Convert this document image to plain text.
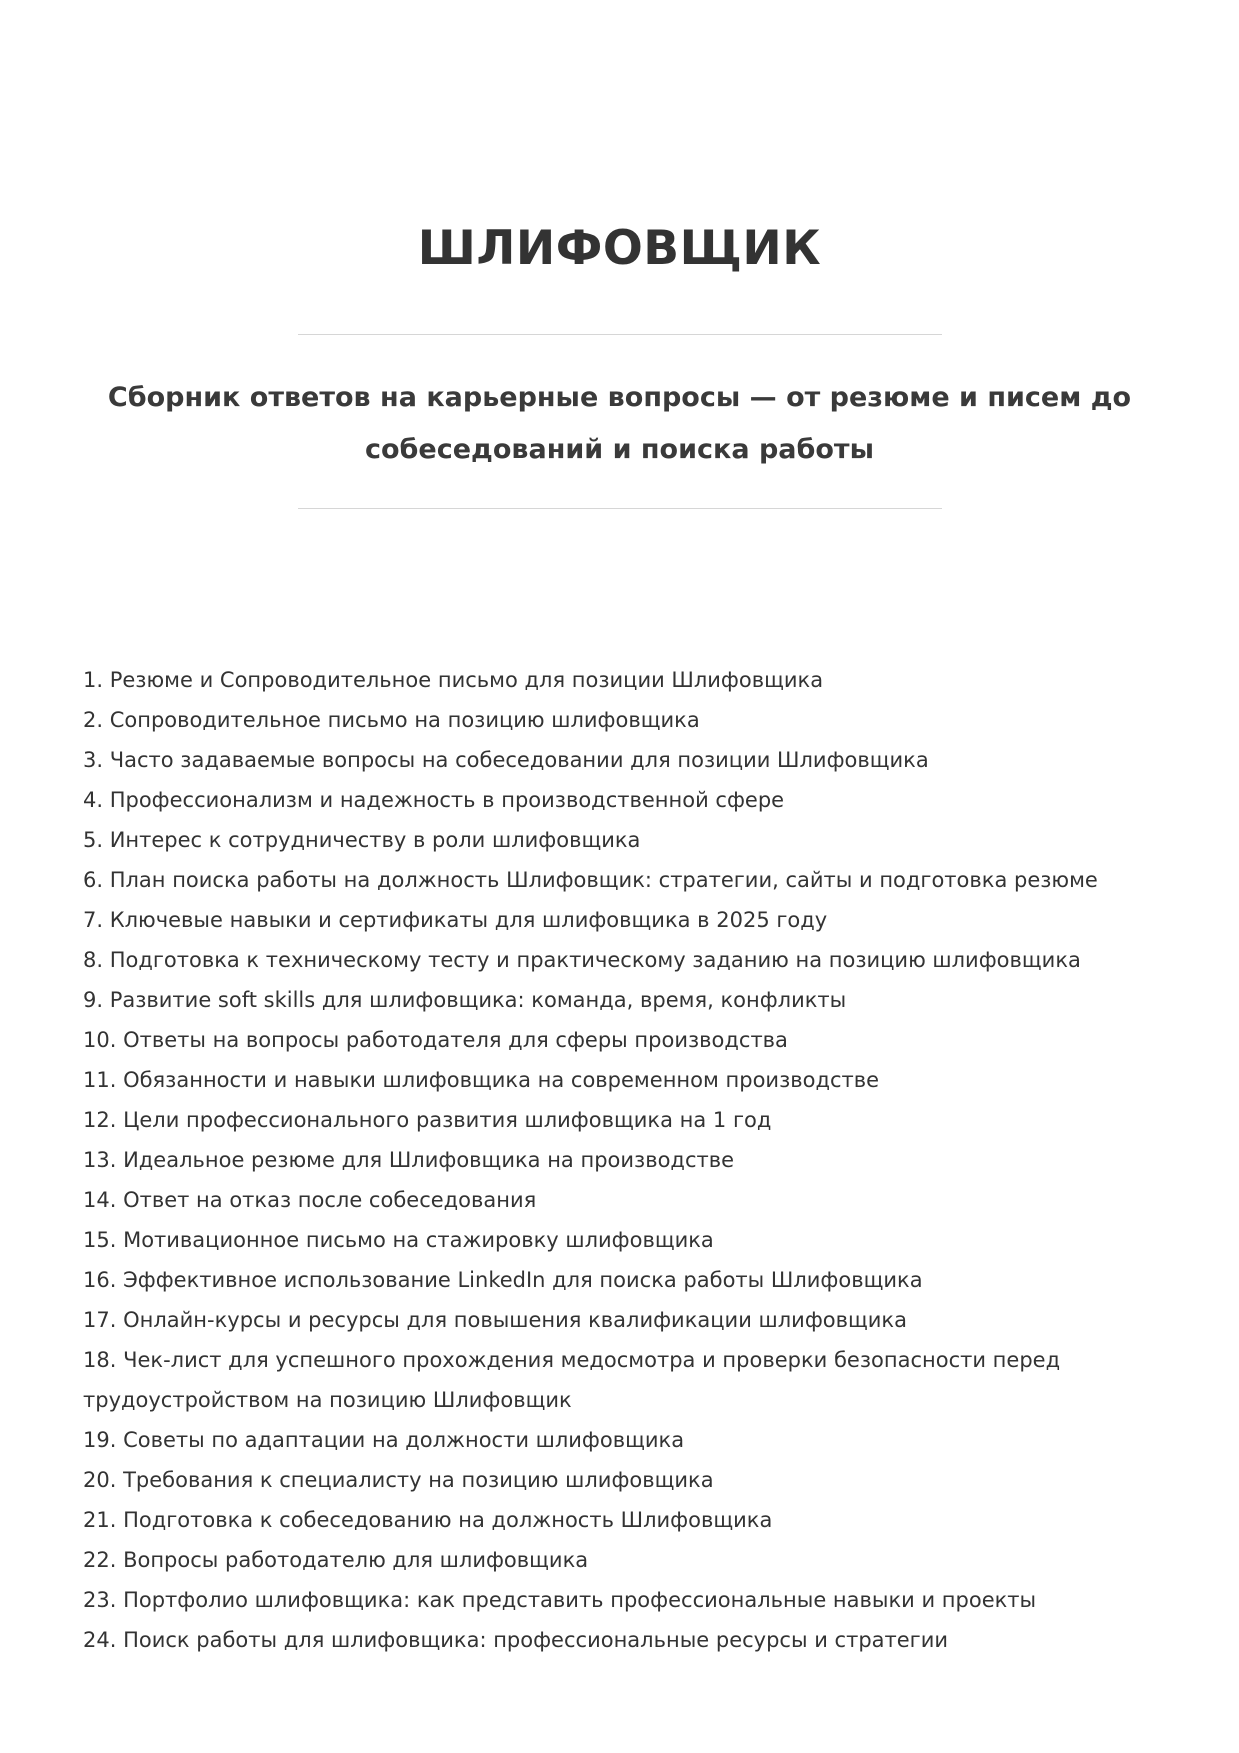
ШЛИФОВЩИК
Сборник ответов на карьерные вопросы — от резюме и писем до собеседований и поиска работы
1. Резюме и Сопроводительное письмо для позиции Шлифовщика
2. Сопроводительное письмо на позицию шлифовщика
3. Часто задаваемые вопросы на собеседовании для позиции Шлифовщика
4. Профессионализм и надежность в производственной сфере
5. Интерес к сотрудничеству в роли шлифовщика
6. План поиска работы на должность Шлифовщик: стратегии, сайты и подготовка резюме
7. Ключевые навыки и сертификаты для шлифовщика в 2025 году
8. Подготовка к техническому тесту и практическому заданию на позицию шлифовщика
9. Развитие soft skills для шлифовщика: команда, время, конфликты
10. Ответы на вопросы работодателя для сферы производства
11. Обязанности и навыки шлифовщика на современном производстве
12. Цели профессионального развития шлифовщика на 1 год
13. Идеальное резюме для Шлифовщика на производстве
14. Ответ на отказ после собеседования
15. Мотивационное письмо на стажировку шлифовщика
16. Эффективное использование LinkedIn для поиска работы Шлифовщика
17. Онлайн-курсы и ресурсы для повышения квалификации шлифовщика
18. Чек-лист для успешного прохождения медосмотра и проверки безопасности перед трудоустройством на позицию Шлифовщик
19. Советы по адаптации на должности шлифовщика
20. Требования к специалисту на позицию шлифовщика
21. Подготовка к собеседованию на должность Шлифовщика
22. Вопросы работодателю для шлифовщика
23. Портфолио шлифовщика: как представить профессиональные навыки и проекты
24. Поиск работы для шлифовщика: профессиональные ресурсы и стратегии
